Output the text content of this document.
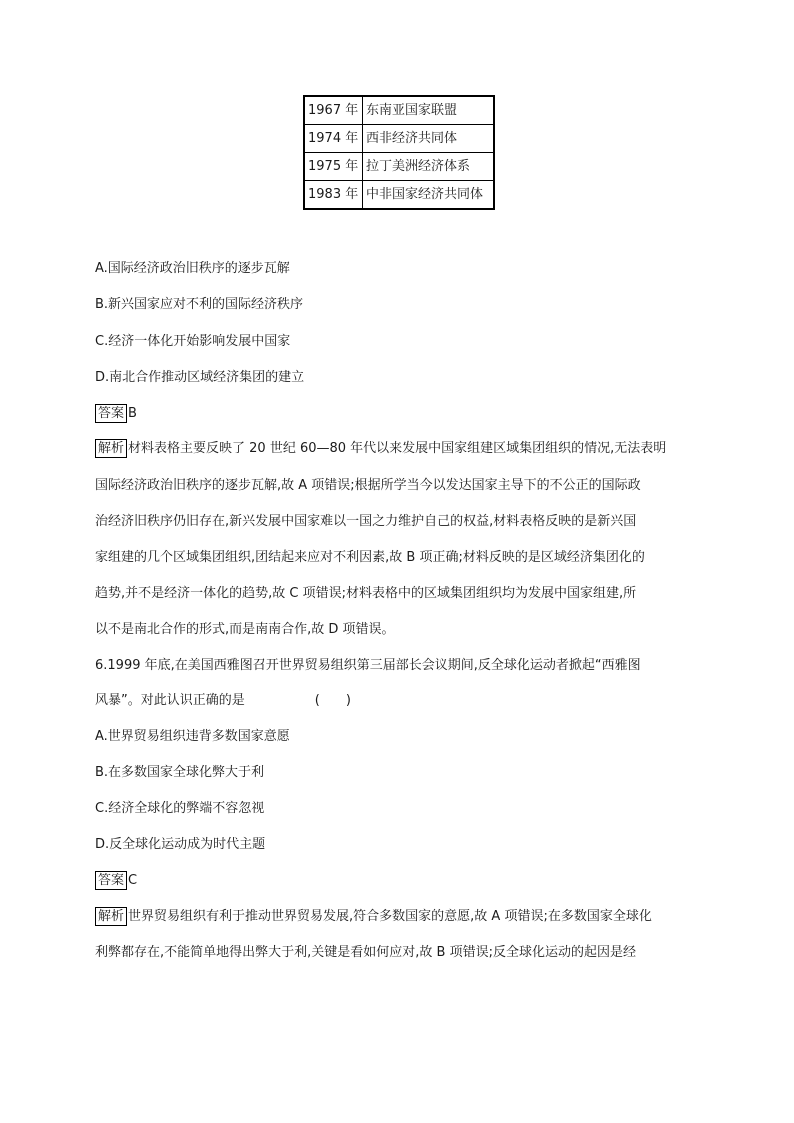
1967 年	东南亚国家联盟
1974 年	西非经济共同体
1975 年	拉丁美洲经济体系
1983 年	中非国家经济共同体
A.国际经济政治旧秩序的逐步瓦解
B.新兴国家应对不利的国际经济秩序
C.经济一体化开始影响发展中国家
D.南北合作推动区域经济集团的建立
答案 B
解析 材料表格主要反映了 20 世纪 60—80 年代以来发展中国家组建区域集团组织的情况,无法表明
国际经济政治旧秩序的逐步瓦解,故 A 项错误;根据所学当今以发达国家主导下的不公正的国际政
治经济旧秩序仍旧存在,新兴发展中国家难以一国之力维护自己的权益,材料表格反映的是新兴国
家组建的几个区域集团组织,团结起来应对不利因素,故 B 项正确;材料反映的是区域经济集团化的
趋势,并不是经济一体化的趋势,故 C 项错误;材料表格中的区域集团组织均为发展中国家组建,所
以不是南北合作的形式,而是南南合作,故 D 项错误。
6.1999 年底,在美国西雅图召开世界贸易组织第三届部长会议期间,反全球化运动者掀起“西雅图
风暴”。对此认识正确的是	(　　)
A.世界贸易组织违背多数国家意愿
B.在多数国家全球化弊大于利
C.经济全球化的弊端不容忽视
D.反全球化运动成为时代主题
答案 C
解析 世界贸易组织有利于推动世界贸易发展,符合多数国家的意愿,故 A 项错误;在多数国家全球化
利弊都存在,不能简单地得出弊大于利,关键是看如何应对,故 B 项错误;反全球化运动的起因是经
